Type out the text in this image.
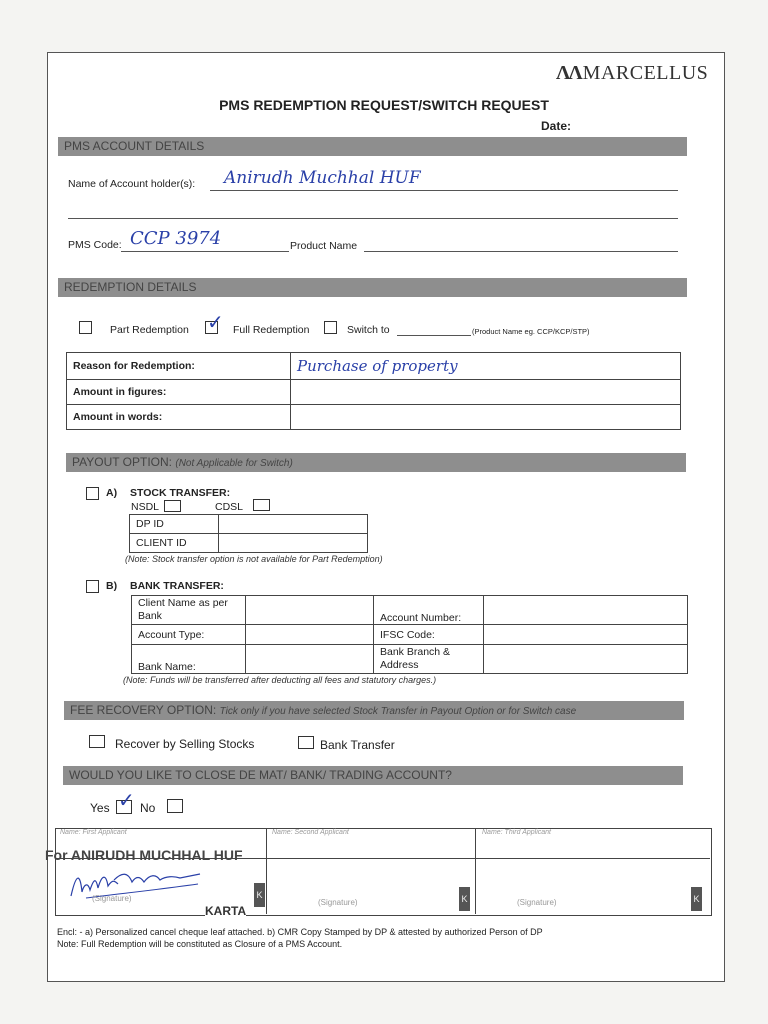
ΛΛ MARCELLUS
PMS REDEMPTION REQUEST/SWITCH REQUEST
Date:
PMS ACCOUNT DETAILS
Name of Account holder(s): Anirudh Muchhal HUF
PMS Code: CCP 3974	Product Name
REDEMPTION DETAILS
Part Redemption ✓ Full Redemption	Switch to	(Product Name eg. CCP/KCP/STP)
Reason for Redemption:	Purchase of property
Amount in figures:	
Amount in words:	
PAYOUT OPTION: (Not Applicable for Switch)
A) STOCK TRANSFER:
NSDL	CDSL
DP ID	
CLIENT ID	
(Note: Stock transfer option is not available for Part Redemption)
B) BANK TRANSFER:
Client Name as per Bank		Account Number:	
Account Type:		IFSC Code:	
Bank Name:		Bank Branch & Address	
(Note: Funds will be transferred after deducting all fees and statutory charges.)
FEE RECOVERY OPTION: Tick only if you have selected Stock Transfer in Payout Option or for Switch case
Recover by Selling Stocks	Bank Transfer
WOULD YOU LIKE TO CLOSE DE MAT/ BANK/ TRADING ACCOUNT?
Yes ✓ No
Name: First Applicant	Name: Second Applicant	Name: Third Applicant
For ANIRUDH MUCHHAL HUF
KARTA
(Signature)	(Signature)	(Signature)
K	K	K
Encl: - a) Personalized cancel cheque leaf attached. b) CMR Copy Stamped by DP & attested by authorized Person of DP
Note: Full Redemption will be constituted as Closure of a PMS Account.
